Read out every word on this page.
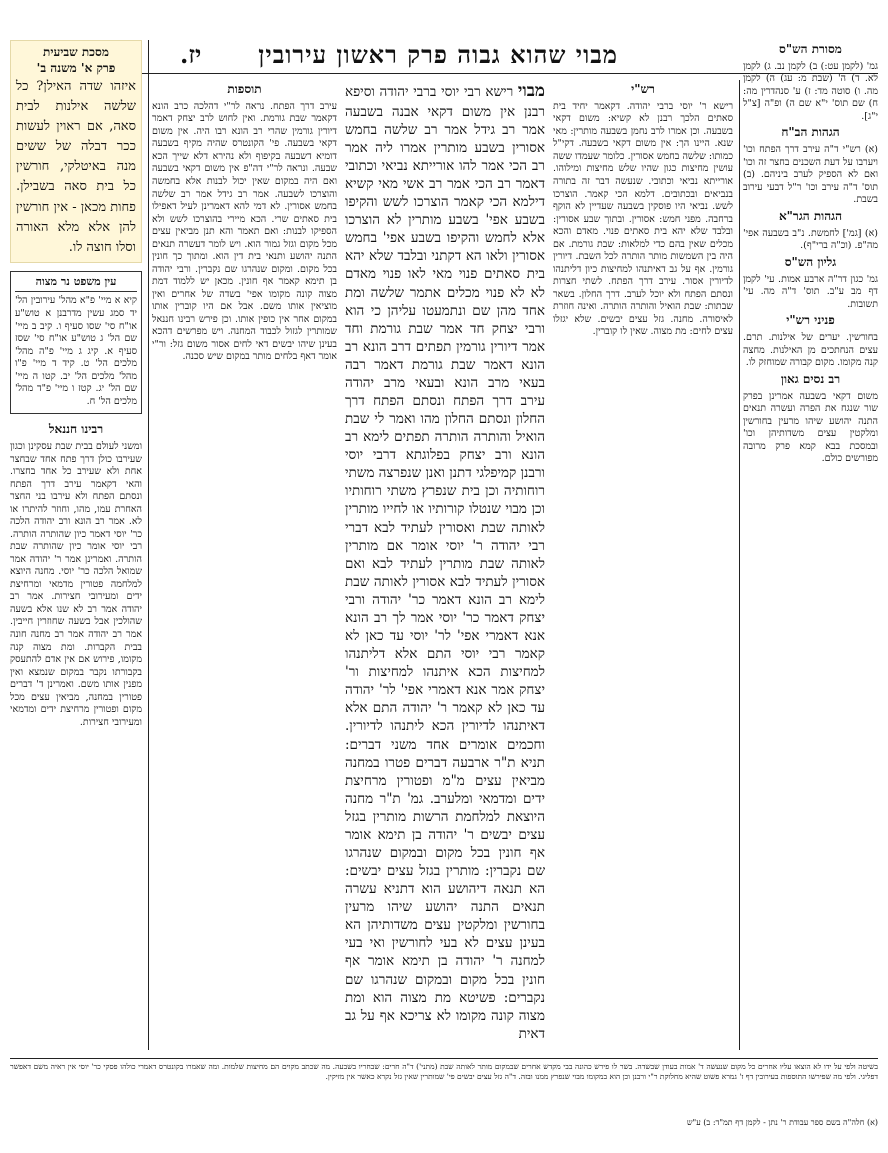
מבוי שהוא גבוה פרק ראשון עירובין
יז.	מסורת הש"ס

גמ' (לקמן עט:) ב) לקמן נב. ג) לקמן לא. ד) ה' (שבת מ: עג) ה) לקמן מה. ו) סוטה מד: ז) ע' סנהדרין מה: ח) שם תוס' י"א שם ה) ופ"ה [צ"ל י"ג].

הגהות הב"ח

(א) רש"י ד"ה עירב דרך הפתח וכו' ויערבו על דעת השכנים בחצר זה וכו' ואם לא הספיק לערב ביניהם. (ב) תוס' ד"ה עירב וכו' ר"ל דבעי עירוב בשבת.

הגהות הגר"א

(א) [גמ'] לחמשת. נ"ב בשבעה אפי' מה"פ. (וכ"ה ברי"ף).

גליון הש"ס

גמ' כגון דר"ה ארבע אמות. עי' לקמן דף מב ע"ב. תוס' ד"ה מה. עי' תשובות.

פניני רש"י

בחורשין. יערים של אילנות. תרם. עצים הנחתכים מן האילנות. מחצה קנה מקומו. מקום קבורה שמוחזק לו.

רב נסים גאון

משום דקאי בשבעה אמרינן בפרק שור שנגח את הפרה ועשרה תנאים התנה יהושע שיהו מרעין בחורשין ומלקטין עצים משדותיהן וכו' ובמסכת בבא קמא פרק מרובה מפורשים כולם.

רש"י

רישא ר' יוסי ברבי יהודה. דקאמר יחיד בית סאתים הלכך רבנן לא קשיא: משום דקאי בשבעה. וכן אמרו לרב נחמן בשבעה מותרין: מאי שנא. היינו הך: אין משום דקאי בשבעה. דקי"ל כמותו: שלשה בחמש אסורין. כלומר שעמדו ששה עושין מחיצות כגון שהיו שלש מחיצות ומילוהו. אורייתא נביאי וכתובי. שנעשה דבר זה בתורה בנביאים ובכתובים. דלמא הכי קאמר. הוצרכו לשש. נביאי היו פוסקין בשבעה שעדיין לא הוקף ברחבה. מפני חמש: אסורין. ובתוך שבע אסורין: ובלבד שלא יהא בית סאתים פנוי. מאדם והכא מכלים שאין בהם כדי למלאות: שבת גורמת. אם היה בין השמשות מותר הותרה לכל השבת. דיורין גורמין. אף על גב דאיתנהו למחיצות כיון דליתנהו לדיורין אסור. עירב דרך הפתח. לשתי חצרות ונסתם הפתח ולא יוכל לערב. דרך החלון. בשאר שבתות: שבת הואיל והותרה הותרה. ואינה חוזרת לאיסורה. מחנה. גזל עצים יבשים. שלא יגזלו עצים לחים: מת מצוה. שאין לו קוברין.

מבוי רישא רבי יוסי ברבי יהודה וסיפא רבנן אין משום דקאי אבנה בשבעה אמר רב גידל אמר רב שלשה בחמש אסורין בשבע מותרין אמרו ליה אמר רב הכי אמר להו אורייתא נביאי וכתובי דאמר רב הכי אמר רב אשי מאי קשיא דילמא הכי קאמר הוצרכו לשש והקיפו בשבע אפי' בשבע מותרין לא הוצרכו אלא לחמש והקיפו בשבע אפי' בחמש אסורין ולאו הא דקתני ובלבד שלא יהא בית סאתים פנוי מאי לאו פנוי מאדם לא לא פנוי מכלים אתמר שלשה ומת אחד מהן שם ונתמעטו עליהן כי הוא ורבי יצחק חד אמר שבת גורמת וחד אמר דיורין גורמין תפתים דרב הונא רב הונא דאמר שבת גורמת דאמר רבה בעאי מרב הונא ובעאי מרב יהודה עירב דרך הפתח ונסתם הפתח דרך החלון ונסתם החלון מהו ואמר לי שבת הואיל והותרה הותרה תפתים לימא רב הונא ורב יצחק בפלוגתא דרבי יוסי ורבנן קמיפלגי דתנן ואנן שנפרצה משתי רוחותיה וכן בית שנפרץ משתי רוחותיו וכן מבוי שנטלו קורותיו או לחייו מותרין לאותה שבת ואסורין לעתיד לבא דברי רבי יהודה ר' יוסי אומר אם מותרין לאותה שבת מותרין לעתיד לבא ואם אסורין לעתיד לבא אסורין לאותה שבת לימא רב הונא דאמר כר' יהודה ורבי יצחק דאמר כר' יוסי אמר לך רב הונא אנא דאמרי אפי' לר' יוסי עד כאן לא קאמר רבי יוסי התם אלא דליתנהו למחיצות הכא איתנהו למחיצות ור' יצחק אמר אנא דאמרי אפי' לר' יהודה עד כאן לא קאמר ר' יהודה התם אלא דאיתנהו לדיורין הכא ליתנהו לדיורין. וחכמים אומרים אחד משני דברים: תניא ת"ר ארבעה דברים פטרו במחנה מביאין עצים מ"מ ופטורין מרחיצת ידים ומדמאי ומלערב. גמ' ת"ר מחנה היוצאת למלחמת הרשות מותרין בגזל עצים יבשים ר' יהודה בן תימא אומר אף חונין בכל מקום ובמקום שנהרגו שם נקברין: מותרין בגזל עצים יבשים: הא תנאה דיהושע הוא דתניא עשרה תנאים התנה יהושע שיהו מרעין בחורשין ומלקטין עצים משדותיהן הא בעינן עצים לא בעי לחורשין ואי בעי למחנה ר' יהודה בן תימא אומר אף חונין בכל מקום ובמקום שנהרגו שם נקברים: פשיטא מת מצוה הוא ומת מצוה קונה מקומו לא צריכא אף על גב דאית

תוספות

עירב דרך הפתח. נראה לר"י דהלכה כרב הונא דקאמר שבת גורמת. ואין לחוש לרב יצחק דאמר דיורין גורמין שהרי רב הונא רבו היה. אין משום דקאי בשבעה. פי' הקונטרס שהיה מקיף בשבעה דומיא דשבעה בקיפוף ולא נהירא דלא שייך הכא שבעה. ונראה לר"י דה"פ אין משום דקאי בשבעה ואם היה במקום שאין יכול לבנות אלא בחמשה והוצרכו לשבעה. אמר רב גידל אמר רב שלשה בחמש אסורין. לא דמי להא דאמרינן לעיל דאפילו בית סאתים שרי. הכא מיירי בהוצרכו לשש ולא הספיקו לבנות: ואם תאמר והא תנן מביאין עצים מכל מקום וגזל גמור הוא. ויש לומר דעשרה תנאים התנה יהושע ותנאי בית דין הוא. ומתוך כך חונין בכל מקום. ומקום שנהרגו שם נקברין. ורבי יהודה בן תימא קאמר אף חונין. מכאן יש ללמוד דמת מצוה קונה מקומו אפי' בשדה של אחרים ואין מוציאין אותו משם. אבל אם היו קוברין אותו במקום אחר אין כופין אותו. וכן פירש רבינו חננאל שמותרין לגזול לכבוד המחנה. ויש מפרשים דהכא בעינן שיהו יבשים דאי לחים אסור משום גזל: ור"י אומר דאף בלחים מותר במקום שיש סכנה.

מסכת שביעית
פרק א' משנה ב'
איזהו שדה האילן? כל שלשה אילנות לבית סאה, אם ראוין לעשות ככר דבלה של ששים מנה באיטלקי, חורשין כל בית סאה בשבילן. פחות מכאן - אין חורשין להן אלא מלא האורה וסלו חוצה לו.
עין משפט נר מצוה

קיא א מיי' פ"א מהל' עירובין הל' יד סמג עשין מדרבנן א טוש"ע או"ח סי' שסו סעיף ו. קיב ב מיי' שם הל' ג טוש"ע או"ח סי' שסז סעיף א. קיג ג מיי' פ"ה מהל' מלכים הל' ט. קיד ד מיי' פ"ו מהל' מלכים הל' יב. קטו ה מיי' שם הל' יג. קטז ו מיי' פ"ד מהל' מלכים הל' ח.

רבינו חננאל

ומשני לעולם בבית שבת עסקינן וכגון שעירבו כולן דרך פתח אחד שבחצר אחת ולא שעירב כל אחד בחצרו. והאי דקאמר עירב דרך הפתח ונסתם הפתח ולא עירבו בני החצר האחרת עמו, מהו, וחוזר להיתרו או לא. אמר רב הונא ורב יהודה הלכה כר' יוסי דאמר כיון שהותרה הותרה. רבי יוסי אומר כיון שהותרה שבת הותרה. ואמרינן אמר ר' יהודה אמר שמואל הלכה כר' יוסי. מחנה היוצא למלחמה פטורין מדמאי ומרחיצת ידים ומעירובי חצירות. אמר רב יהודה אמר רב לא שנו אלא בשעה שהולכין אבל בשעה שחוזרין חייבין. אמר רב יהודה אמר רב מחנה חונה בבית הקברות. ומת מצוה קנה מקומו, פירוש אם אין אדם להתעסק בקבורתו נקבר במקום שנמצא ואין מפנין אותו משם. ואמרינן ד' דברים פטורין במחנה, מביאין עצים מכל מקום ופטורין מרחיצת ידים ומדמאי ומעירובי חצירות.

בשיטה ולפי על ידו לא הוצאו עליו אחרים כל מקום שנעשה ד' אמות בעודן שבשדה. בשר לו פירש כהונה בבי מקדש אחרים שבמקום מותר לאותה שבת (מתני') ד"ה חרים: שבחריו בשבעה. מה שכתב מקוים הם מחיצות שלמות. ומה שאמרו בקונטרס דאמרי כולהו פסקי כר' יוסי אין ראיה משם דאפשר דפליגי. ולפי מה שפירשו התוספות בעירובין דף ז' גמרא פשוט שהיא מחלוקת ר"י ורבנן וכן הוא במקומו מבוי שנפרץ ממנו ובזה. ד"ה גזל עצים יבשים פי' שמותרין שאין גזל נקרא כאשר אין מזיקין.
(א) חלה"ה בשם ספר עבודת ר' נתן - לקמן דף תמ"ד: ב) ע"ש
